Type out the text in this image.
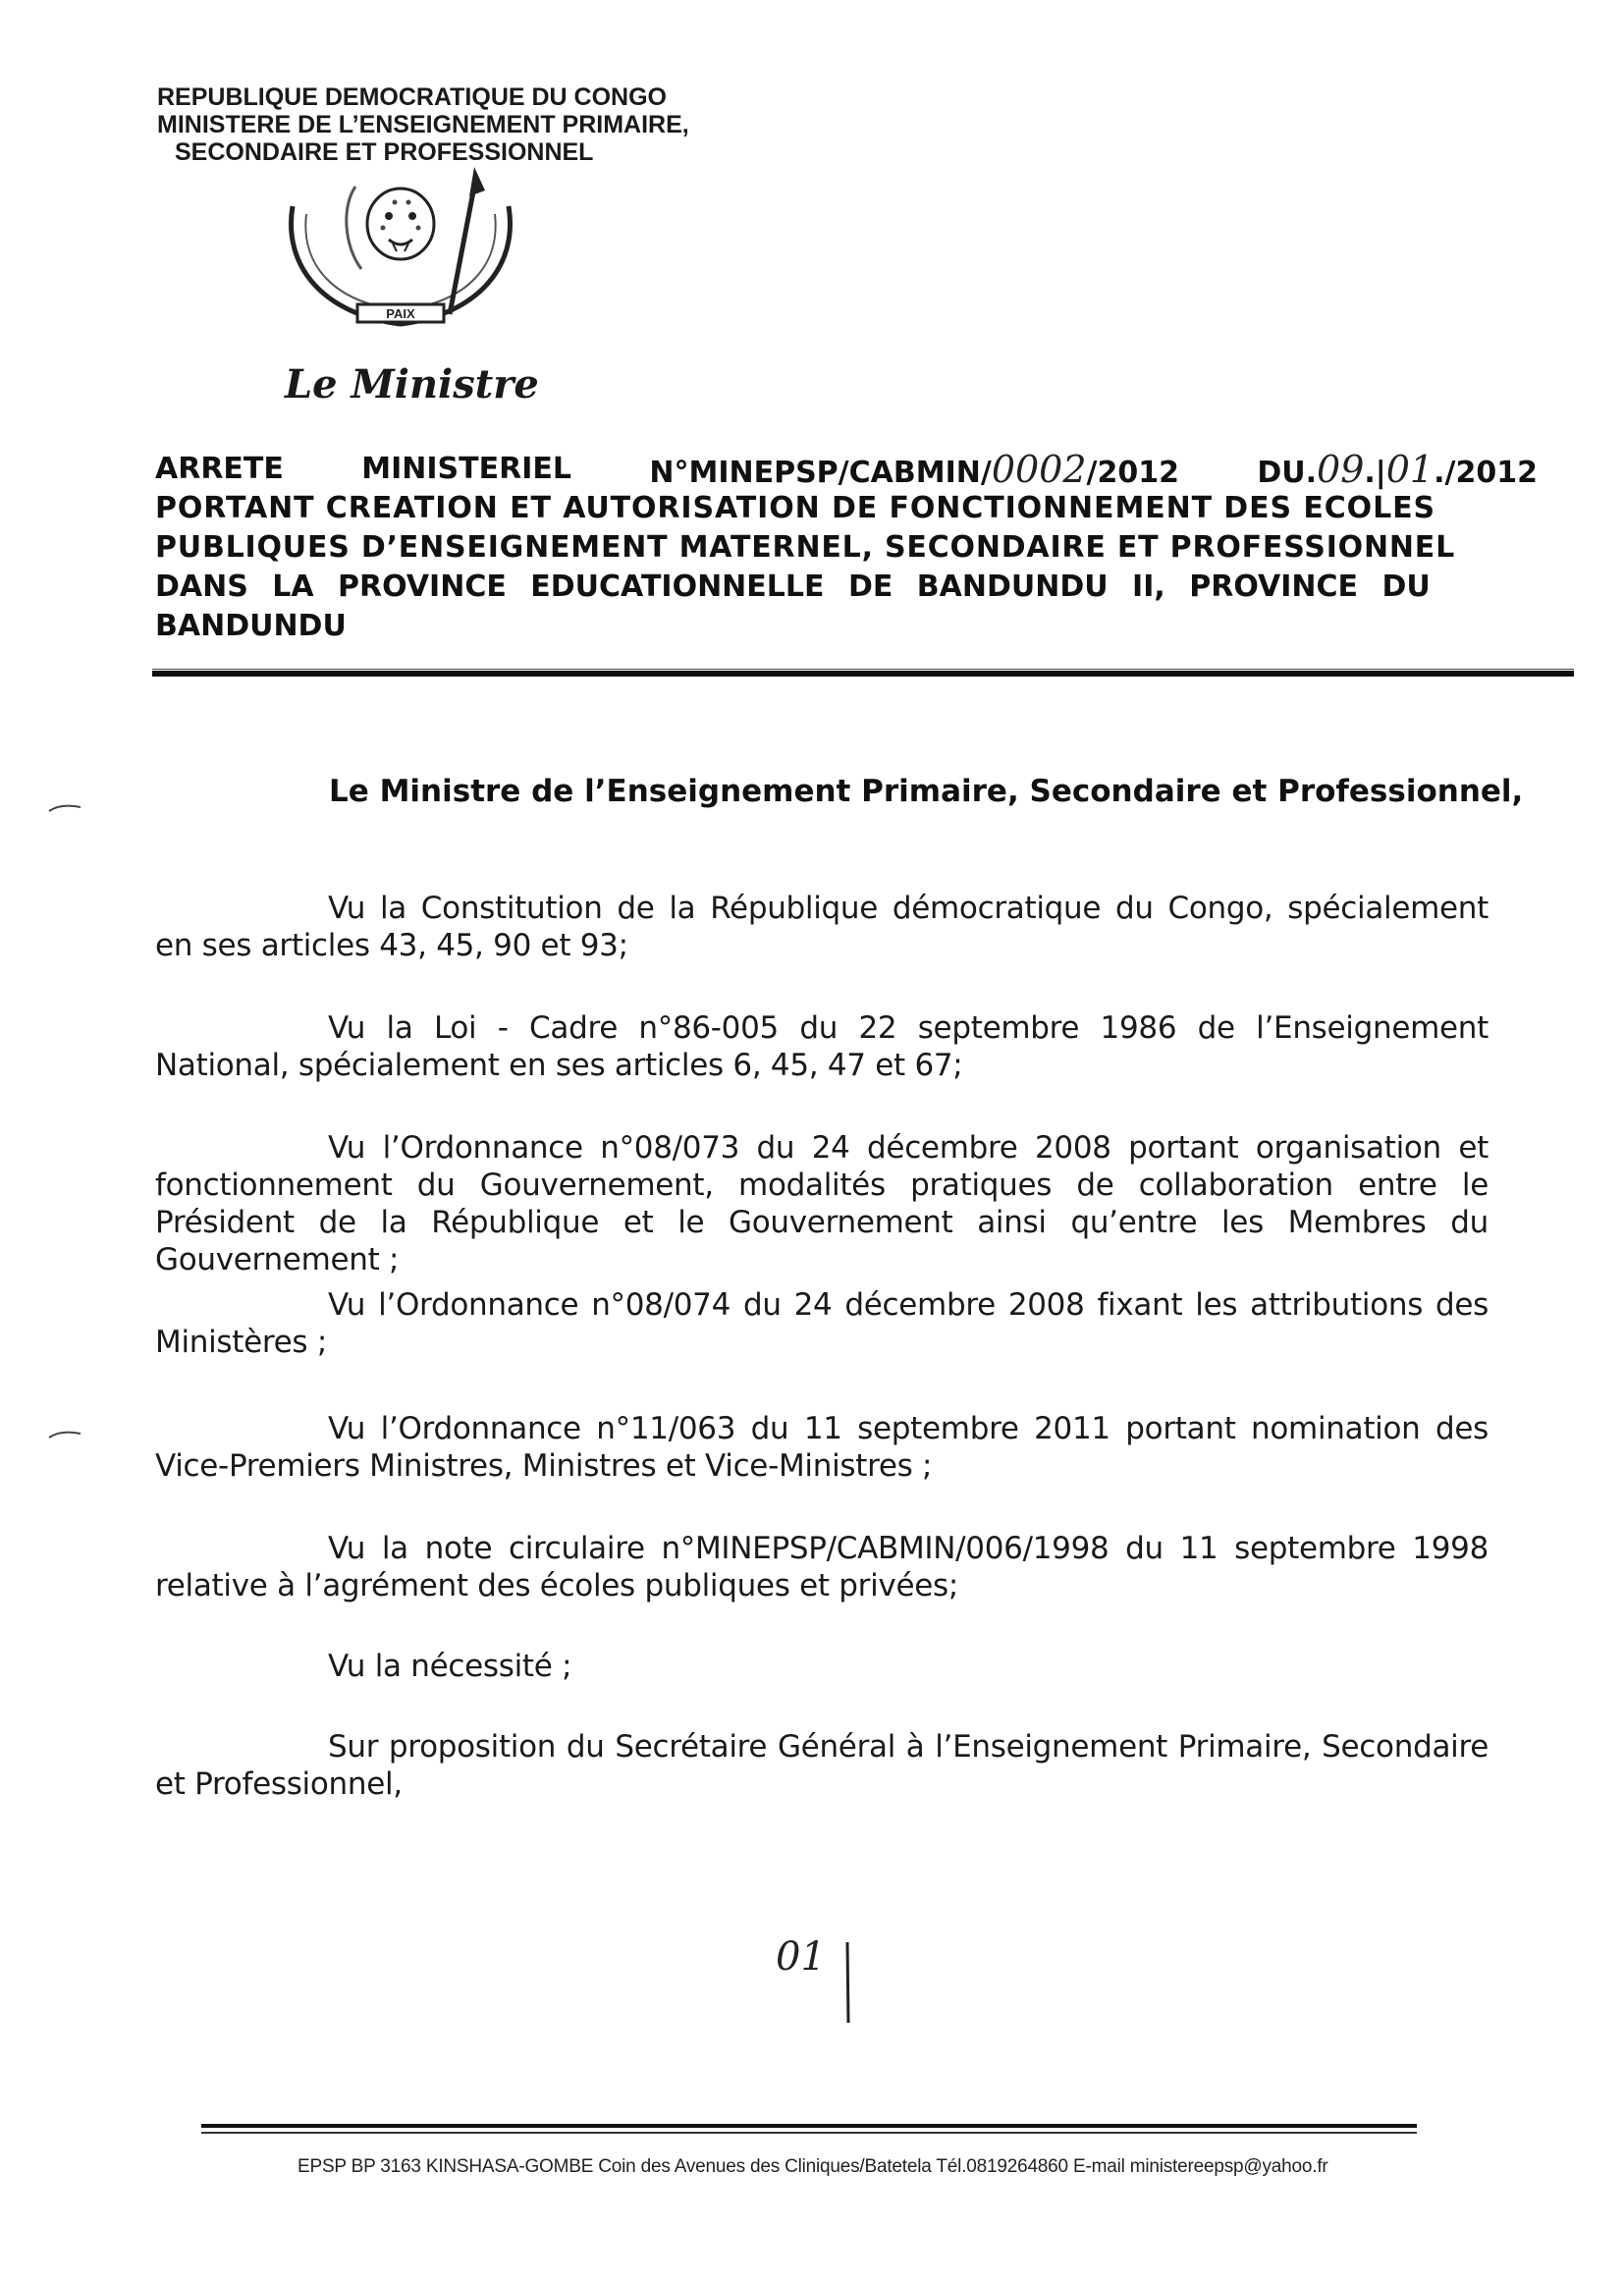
REPUBLIQUE DEMOCRATIQUE DU CONGO
MINISTERE DE L’ENSEIGNEMENT PRIMAIRE,
SECONDAIRE ET PROFESSIONNEL
PAIX
Le Ministre
ARRETE	MINISTERIEL	N°MINEPSP/CABMIN/0002/2012	DU.09.|01./2012
PORTANT CREATION ET AUTORISATION DE FONCTIONNEMENT DES ECOLES
PUBLIQUES D’ENSEIGNEMENT MATERNEL, SECONDAIRE ET PROFESSIONNEL
DANS LA PROVINCE EDUCATIONNELLE DE BANDUNDU II, PROVINCE DU
BANDUNDU
Le Ministre de l’Enseignement Primaire, Secondaire et Professionnel,
Vu la Constitution de la République démocratique du Congo, spécialement en ses articles 43, 45, 90 et 93;
Vu la Loi - Cadre n°86-005 du 22 septembre 1986 de l’Enseignement National, spécialement en ses articles 6, 45, 47 et 67;
Vu l’Ordonnance n°08/073 du 24 décembre 2008 portant organisation et fonctionnement du Gouvernement, modalités pratiques de collaboration entre le Président de la République et le Gouvernement ainsi qu’entre les Membres du Gouvernement ;
Vu l’Ordonnance n°08/074 du 24 décembre 2008 fixant les attributions des Ministères ;
Vu l’Ordonnance n°11/063 du 11 septembre 2011 portant nomination des Vice-Premiers Ministres, Ministres et Vice-Ministres ;
Vu la note circulaire n°MINEPSP/CABMIN/006/1998 du 11 septembre 1998 relative à l’agrément des écoles publiques et privées;
Vu la nécessité ;
Sur proposition du Secrétaire Général à l’Enseignement Primaire, Secondaire et Professionnel,
01
EPSP BP 3163 KINSHASA-GOMBE Coin des Avenues des Cliniques/Batetela Tél.0819264860 E-mail ministereepsp@yahoo.fr
